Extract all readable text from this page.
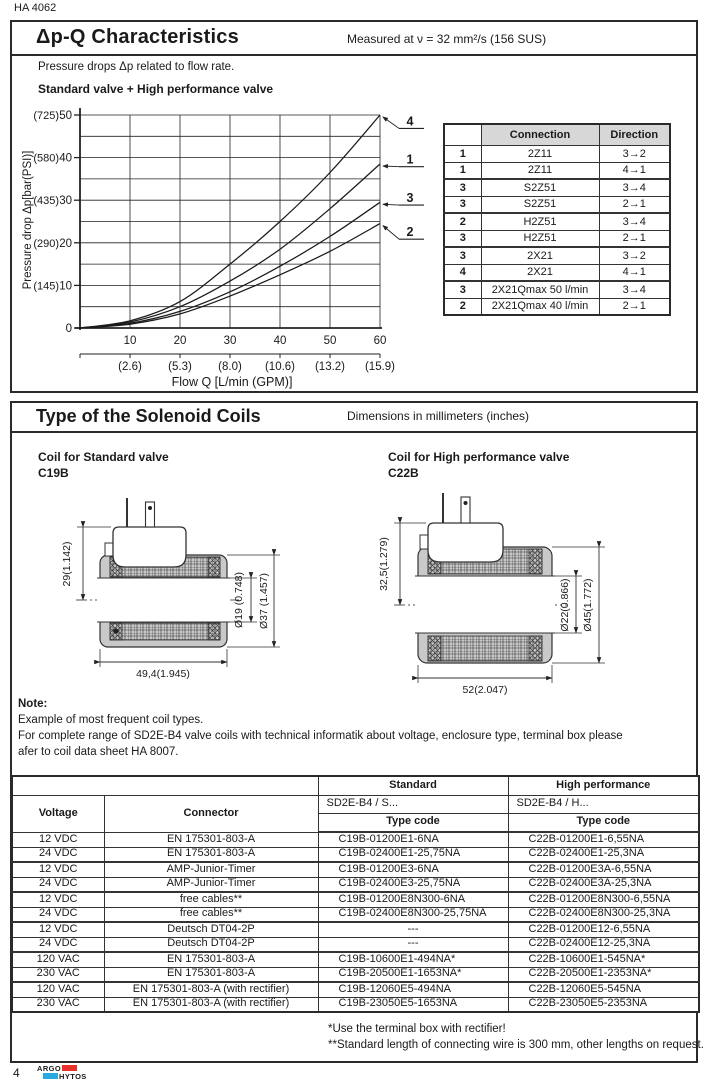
HA 4062
Δp-Q Characteristics	Measured at ν = 32 mm²/s (156 SUS)
Pressure drops Δp related to flow rate.
Standard valve + High performance valve
0
10
20
30
40
50
(145)
(290)
(435)
(580)
(725)
10	20	30	40	50	60
(2.6) (5.3) (8.0) (10.6) (13.2) (15.9)
Flow Q [L/min (GPM)]
Pressure drop Δp[bar(PSI)]
4
1
3
2
	Connection	Direction
1	2Z11	3→2
1	2Z11	4→1
3	S2Z51	3→4
3	S2Z51	2→1
2	H2Z51	3→4
3	H2Z51	2→1
3	2X21	3→2
4	2X21	4→1
3	2X21Qmax 50 l/min	3→4
2	2X21Qmax 40 l/min	2→1
Type of the Solenoid Coils	Dimensions in millimeters (inches)
Coil for Standard valve
C19B
Coil for High performance valve
C22B
29(1.142)
Ø19 (0.748) Ø37 (1.457)
49,4(1.945)
32,5(1.279)
Ø22(0.866) Ø45(1.772)
52(2.047)
Note:
Example of most frequent coil types.
For complete range of SD2E-B4 valve coils with technical informatik about voltage, enclosure type, terminal box please
afer to coil data sheet HA 8007.
		Standard	High performance
Voltage	Connector	SD2E-B4 / S...	SD2E-B4 / H...
		Type code	Type code
12 VDC	EN 175301-803-A	C19B-01200E1-6NA	C22B-01200E1-6,55NA
24 VDC	EN 175301-803-A	C19B-02400E1-25,75NA	C22B-02400E1-25,3NA
12 VDC	AMP-Junior-Timer	C19B-01200E3-6NA	C22B-01200E3A-6,55NA
24 VDC	AMP-Junior-Timer	C19B-02400E3-25,75NA	C22B-02400E3A-25,3NA
12 VDC	free cables**	C19B-01200E8N300-6NA	C22B-01200E8N300-6,55NA
24 VDC	free cables**	C19B-02400E8N300-25,75NA	C22B-02400E8N300-25,3NA
12 VDC	Deutsch DT04-2P	---	C22B-01200E12-6,55NA
24 VDC	Deutsch DT04-2P	---	C22B-02400E12-25,3NA
120 VAC	EN 175301-803-A	C19B-10600E1-494NA*	C22B-10600E1-545NA*
230 VAC	EN 175301-803-A	C19B-20500E1-1653NA*	C22B-20500E1-2353NA*
120 VAC	EN 175301-803-A (with rectifier)	C19B-12060E5-494NA	C22B-12060E5-545NA
230 VAC	EN 175301-803-A (with rectifier)	C19B-23050E5-1653NA	C22B-23050E5-2353NA
*Use the terminal box with rectifier!
**Standard length of connecting wire is 300 mm, other lengths on request.
4 ARGO
HYTOS
